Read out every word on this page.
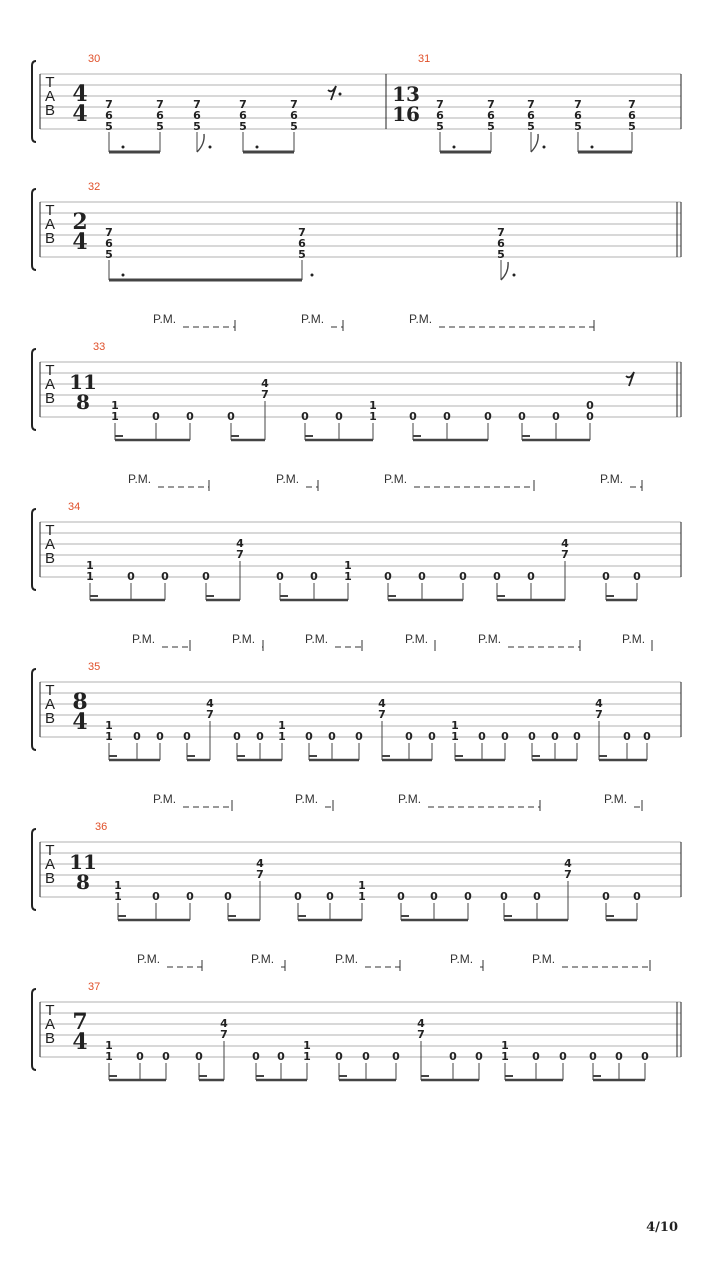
T
A
B
30	31
4
4
13
16
7
6
5
7
6
5
7
6
5
7
6
5
7
6
5
7
6
5
7
6
5
7
6
5
7
6
5
7
6
5
T
A
B
32
2
4 7
6
5
7
6
5
7
6
5
T
A
B
33
11
8
P.M.	P.M.	P.M.
1
1	0 0	0
4
7
0 0
1
1	0 0	0 0 0
0
0
T
A
B
34
P.M.	P.M.	P.M.	P.M.
1
1	0 0	0
4
7
0 0
1
1	0 0	0 0 0
4
7
0 0
T
A
B
35
8
4
P.M.	P.M.	P.M.	P.M.	P.M.	P.M.
1
1 0 0 0
4
7
0 0
1
1 0 0 0
4
7
0 0
1
1 0 0 0 0 0
4
7
0 0
T
A
B
36
11
8
P.M.	P.M.	P.M.	P.M.
1
1	0 0	0
4
7
0 0
1
1	0 0 0	0 0
4
7
0 0
T
A
B
37
7
4
P.M.	P.M.	P.M.	P.M.	P.M.
1
1 0 0 0
4
7
0 0
1
1 0 0 0
4
7
0 0
1
1 0 0 0 0 0
4/10
